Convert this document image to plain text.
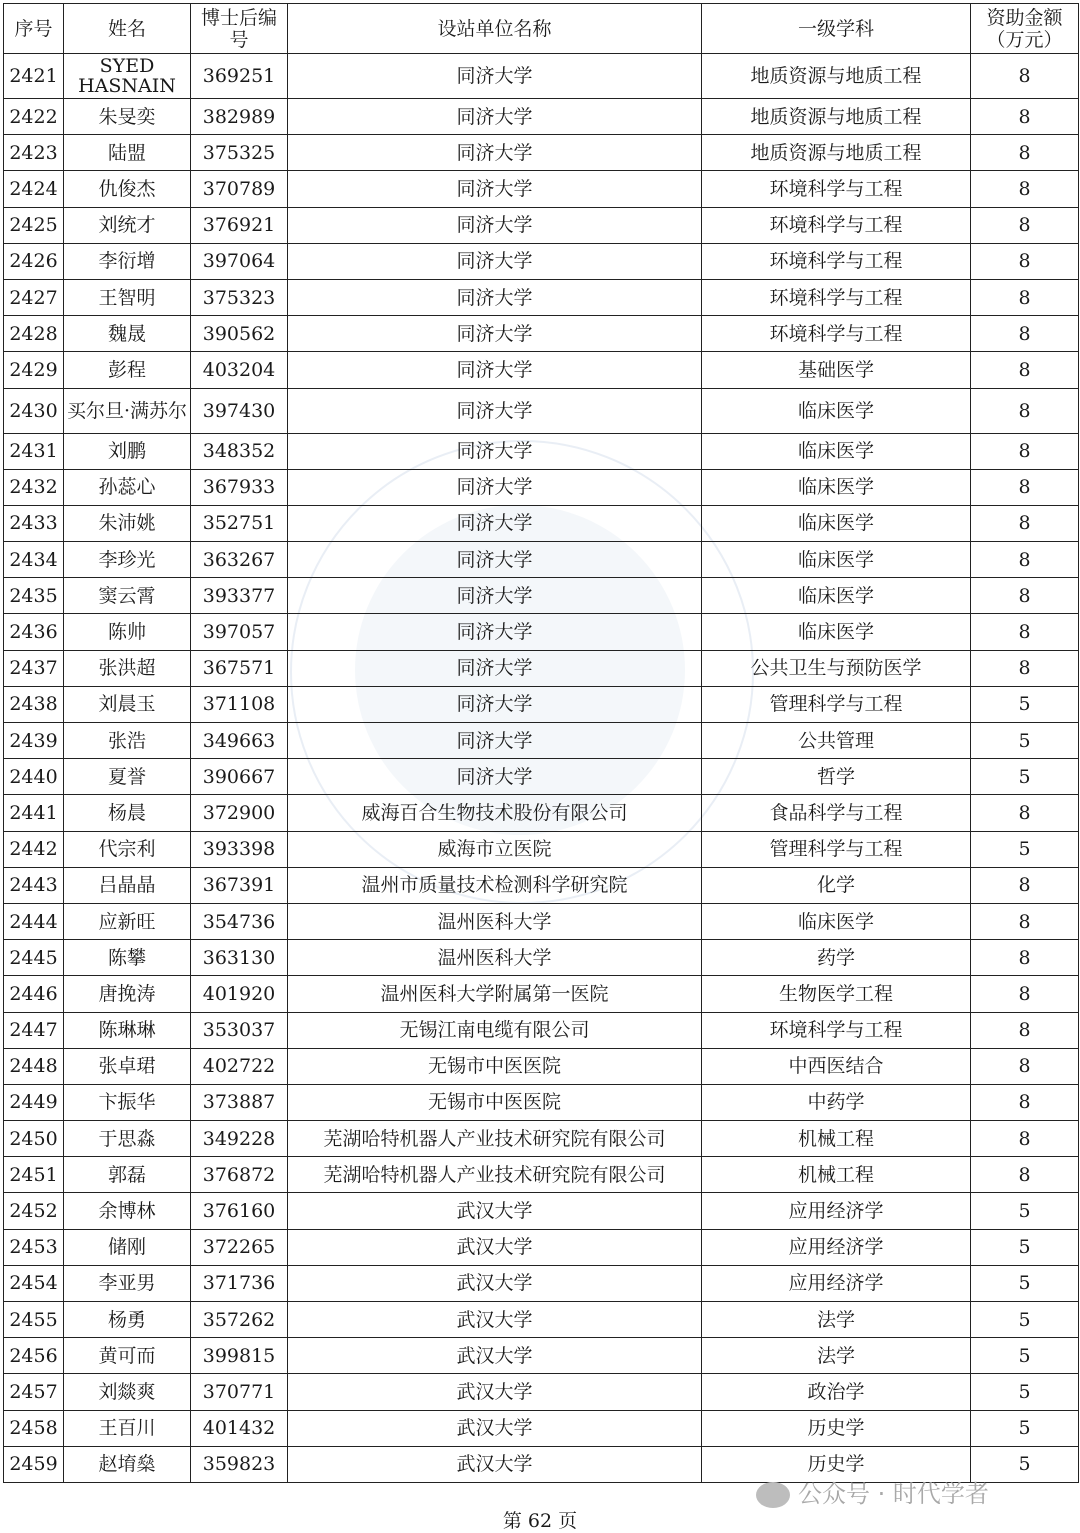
序号	姓名	博士后编号	设站单位名称	一级学科	资助金额（万元）
2421	SYED HASNAIN	369251	同济大学	地质资源与地质工程	8
2422	朱旻奕	382989	同济大学	地质资源与地质工程	8
2423	陆盟	375325	同济大学	地质资源与地质工程	8
2424	仇俊杰	370789	同济大学	环境科学与工程	8
2425	刘统才	376921	同济大学	环境科学与工程	8
2426	李衍增	397064	同济大学	环境科学与工程	8
2427	王智明	375323	同济大学	环境科学与工程	8
2428	魏晟	390562	同济大学	环境科学与工程	8
2429	彭程	403204	同济大学	基础医学	8
2430	买尔旦·满苏尔	397430	同济大学	临床医学	8
2431	刘鹏	348352	同济大学	临床医学	8
2432	孙蕊心	367933	同济大学	临床医学	8
2433	朱沛姚	352751	同济大学	临床医学	8
2434	李珍光	363267	同济大学	临床医学	8
2435	窦云霄	393377	同济大学	临床医学	8
2436	陈帅	397057	同济大学	临床医学	8
2437	张洪超	367571	同济大学	公共卫生与预防医学	8
2438	刘晨玉	371108	同济大学	管理科学与工程	5
2439	张浩	349663	同济大学	公共管理	5
2440	夏誉	390667	同济大学	哲学	5
2441	杨晨	372900	威海百合生物技术股份有限公司	食品科学与工程	8
2442	代宗利	393398	威海市立医院	管理科学与工程	5
2443	吕晶晶	367391	温州市质量技术检测科学研究院	化学	8
2444	应新旺	354736	温州医科大学	临床医学	8
2445	陈攀	363130	温州医科大学	药学	8
2446	唐挽涛	401920	温州医科大学附属第一医院	生物医学工程	8
2447	陈琳琳	353037	无锡江南电缆有限公司	环境科学与工程	8
2448	张卓珺	402722	无锡市中医医院	中西医结合	8
2449	卞振华	373887	无锡市中医医院	中药学	8
2450	于思淼	349228	芜湖哈特机器人产业技术研究院有限公司	机械工程	8
2451	郭磊	376872	芜湖哈特机器人产业技术研究院有限公司	机械工程	8
2452	余博林	376160	武汉大学	应用经济学	5
2453	储刚	372265	武汉大学	应用经济学	5
2454	李亚男	371736	武汉大学	应用经济学	5
2455	杨勇	357262	武汉大学	法学	5
2456	黄可而	399815	武汉大学	法学	5
2457	刘燚爽	370771	武汉大学	政治学	5
2458	王百川	401432	武汉大学	历史学	5
2459	赵堉燊	359823	武汉大学	历史学	5
第 62 页
公众号 · 时代学者
